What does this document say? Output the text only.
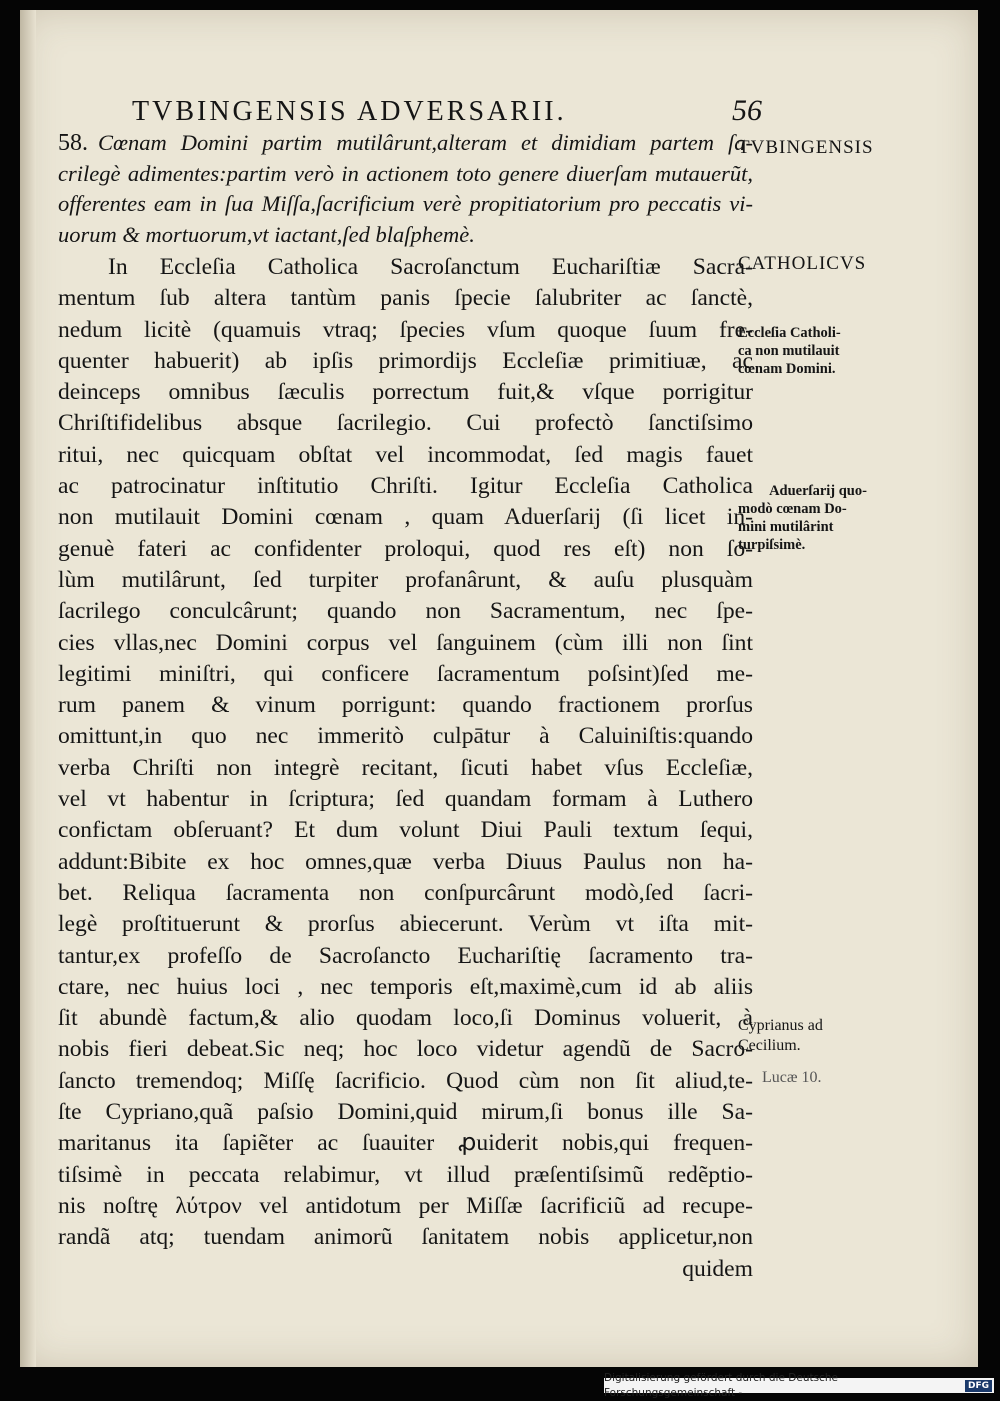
TVBINGENSIS ADVERSARII.	56

58. Cœnam Domini partim mutilârunt,alteram et dimidiam partem ſa-
crilegè adimentes:partim verò in actionem toto genere diuerſam mutauerũt,
offerentes eam in ſua Miſſa,ſacrificium verè propitiatorium pro peccatis vi-
uorum & mortuorum,vt iactant,ſed blaſphemè.

In Eccleſia Catholica Sacroſanctum Euchariſtiæ Sacra-
mentum ſub altera tantùm panis ſpecie ſalubriter ac ſanctè,
nedum licitè (quamuis vtraq; ſpecies vſum quoque ſuum fre-
quenter habuerit) ab ipſis primordijs Eccleſiæ primitiuæ, ac
deinceps omnibus ſæculis porrectum fuit,& vſque porrigitur
Chriſtifidelibus absque ſacrilegio. Cui profectò ſanctiſsimo
ritui, nec quicquam obſtat vel incommodat, ſed magis fauet
ac patrocinatur inſtitutio Chriſti. Igitur Eccleſia Catholica
non mutilauit Domini cœnam , quam Aduerſarij (ſi licet in-
genuè fateri ac confidenter proloqui, quod res eſt) non ſo-
lùm mutilârunt, ſed turpiter profanârunt, & auſu plusquàm
ſacrilego conculcârunt; quando non Sacramentum, nec ſpe-
cies vllas,nec Domini corpus vel ſanguinem (cùm illi non ſint
legitimi miniſtri, qui conficere ſacramentum poſsint)ſed me-
rum panem & vinum porrigunt: quando fractionem prorſus
omittunt,in quo nec immeritò culpātur à Caluiniſtis:quando
verba Chriſti non integrè recitant, ſicuti habet vſus Eccleſiæ,
vel vt habentur in ſcriptura; ſed quandam formam à Luthero
confictam obſeruant? Et dum volunt Diui Pauli textum ſequi,
addunt:Bibite ex hoc omnes,quæ verba Diuus Paulus non ha-
bet. Reliqua ſacramenta non conſpurcârunt modò,ſed ſacri-
legè proſtituerunt & prorſus abiecerunt. Verùm vt iſta mit-
tantur,ex profeſſo de Sacroſancto Euchariſtię ſacramento tra-
ctare, nec huius loci , nec temporis eſt,maximè,cum id ab aliis
ſit abundè factum,& alio quodam loco,ſi Dominus voluerit, à
nobis fieri debeat.Sic neq; hoc loco videtur agendũ de Sacro-
ſancto tremendoq; Miſſę ſacrificio. Quod cùm non ſit aliud,te-
ſte Cypriano,quã paſsio Domini,quid mirum,ſi bonus ille Sa-
maritanus ita ſapiẽter ac ſuauiter ꝓuiderit nobis,qui frequen-
tiſsimè in peccata relabimur, vt illud præſentiſsimũ redẽptio-
nis noſtrę λύτρον vel antidotum per Miſſæ ſacrificiũ ad recupe-
randã atq; tuendam animorũ ſanitatem nobis applicetur,non
quidem

TVBINGENSIS
CATHOLICVS
Eccleſia Catholi-
ca non mutilauit
cœnam Domini.
Aduerſarij quo-
modò cœnam Do-
mini mutilârint
turpiſsimè.
Cyprianus ad
Cecilium.
Lucæ 10.
Digitalisierung gefördert durch die Deutsche Forschungsgemeinschaft -
DFG
